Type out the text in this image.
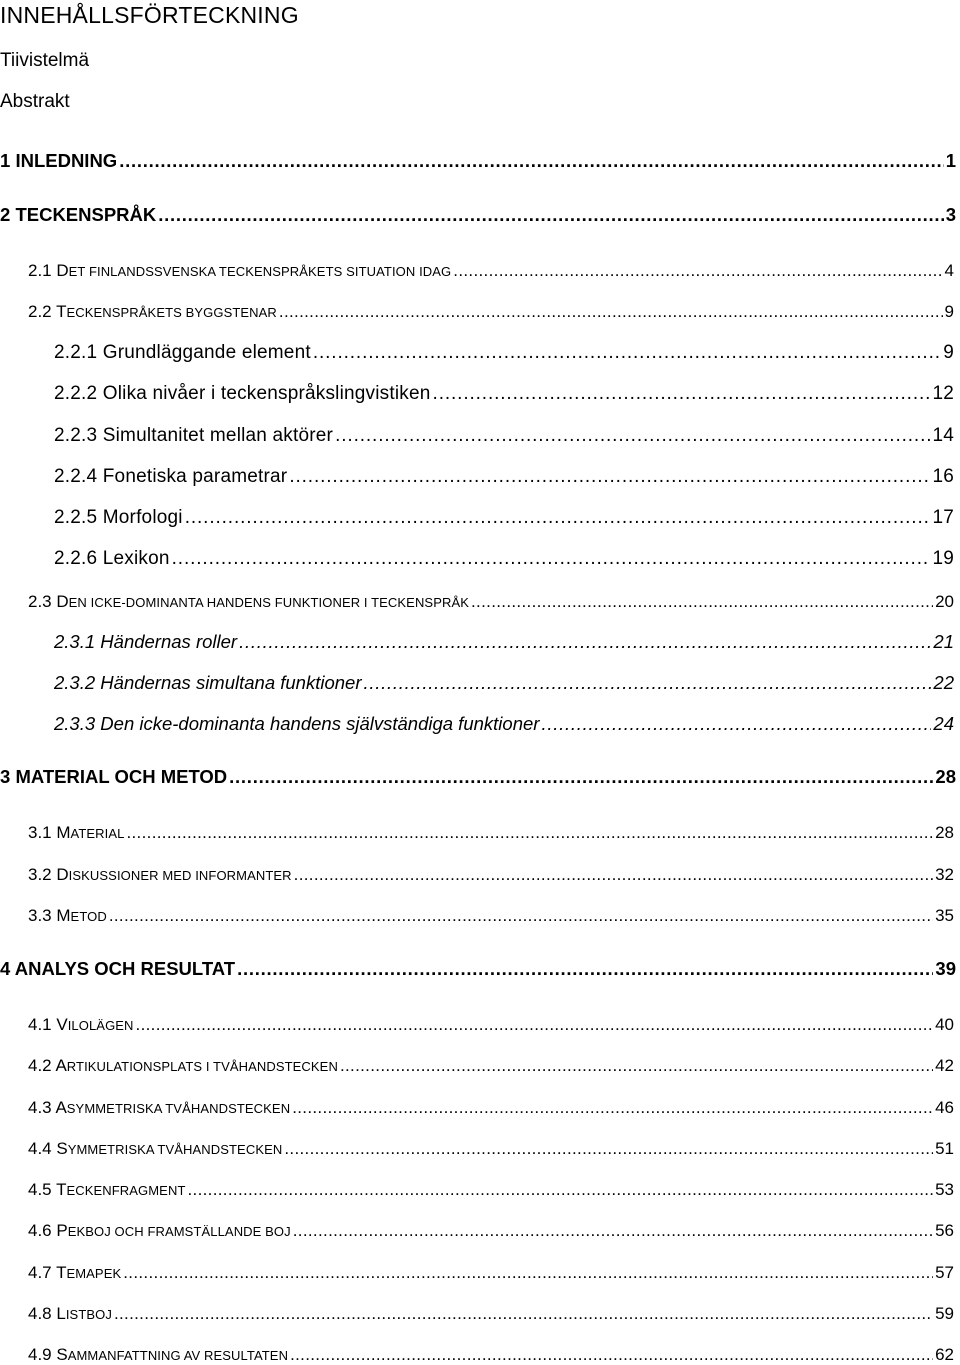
INNEHÅLLSFÖRTECKNING
Tiivistelmä
Abstrakt
1 INLEDNING . . .	1
2 TECKENSPRÅK . . .	3
2.1 DET FINLANDSSVENSKA TECKENSPRÅKETS SITUATION IDAG . . .	4
2.2 TECKENSPRÅKETS BYGGSTENAR . . .	9
2.2.1 Grundläggande element . . .	9
2.2.2 Olika nivåer i teckenspråkslingvistiken . . .	12
2.2.3 Simultanitet mellan aktörer . . .	14
2.2.4 Fonetiska parametrar . . .	16
2.2.5 Morfologi . . .	17
2.2.6 Lexikon . . .	19
2.3 DEN ICKE-DOMINANTA HANDENS FUNKTIONER I TECKENSPRÅK . . .	20
2.3.1 Händernas roller . . .	21
2.3.2 Händernas simultana funktioner . . .	22
2.3.3 Den icke-dominanta handens självständiga funktioner . . .	24
3 MATERIAL OCH METOD . . .	28
3.1 MATERIAL . . .	28
3.2 DISKUSSIONER MED INFORMANTER . . .	32
3.3 METOD . . .	35
4 ANALYS OCH RESULTAT . . .	39
4.1 VILOLÄGEN . . .	40
4.2 ARTIKULATIONSPLATS I TVÅHANDSTECKEN . . .	42
4.3 ASYMMETRISKA TVÅHANDSTECKEN . . .	46
4.4 SYMMETRISKA TVÅHANDSTECKEN . . .	51
4.5 TECKENFRAGMENT . . .	53
4.6 PEKBOJ OCH FRAMSTÄLLANDE BOJ . . .	56
4.7 TEMAPEK . . .	57
4.8 LISTBOJ . . .	59
4.9 SAMMANFATTNING AV RESULTATEN . . .	62
